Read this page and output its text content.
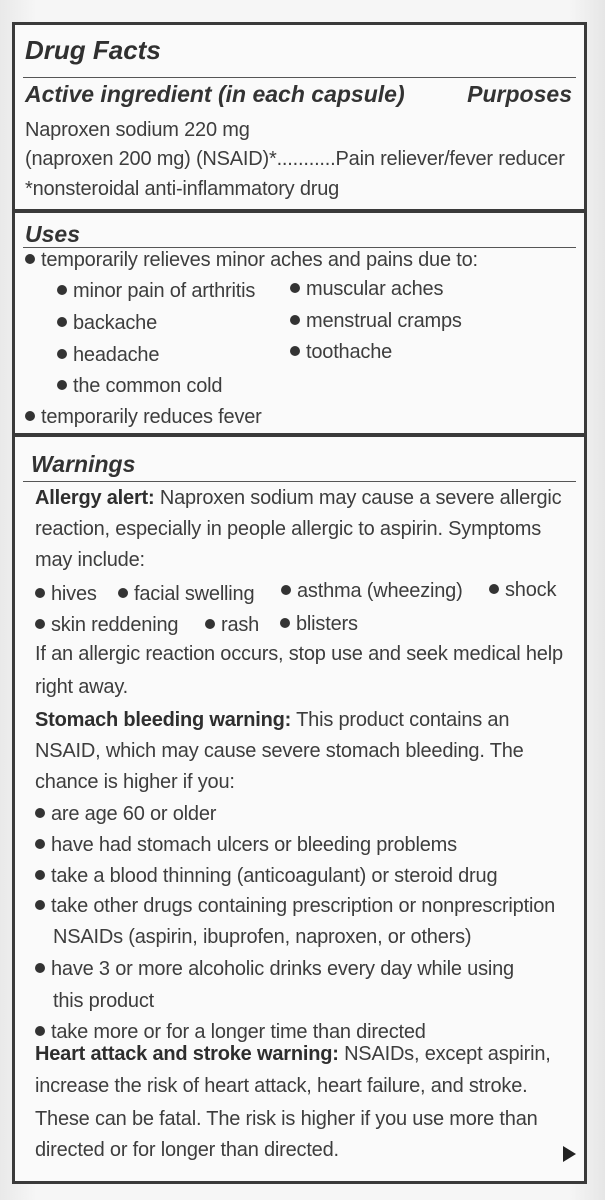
Drug Facts
Active ingredient (in each capsule)	Purposes
Naproxen sodium 220 mg
(naproxen 200 mg) (NSAID)*...........Pain reliever/fever reducer
*nonsteroidal anti-inflammatory drug
Uses
temporarily relieves minor aches and pains due to:
minor pain of arthritis
backache
headache
the common cold
muscular aches
menstrual cramps
toothache
temporarily reduces fever
Warnings
Allergy alert: Naproxen sodium may cause a severe allergic
reaction, especially in people allergic to aspirin. Symptoms
may include:
hives	facial swelling	asthma (wheezing)	shock
skin reddening	rash	blisters
If an allergic reaction occurs, stop use and seek medical help
right away.
Stomach bleeding warning: This product contains an
NSAID, which may cause severe stomach bleeding. The
chance is higher if you:
are age 60 or older
have had stomach ulcers or bleeding problems
take a blood thinning (anticoagulant) or steroid drug
take other drugs containing prescription or nonprescription
NSAIDs (aspirin, ibuprofen, naproxen, or others)
have 3 or more alcoholic drinks every day while using
this product
take more or for a longer time than directed
Heart attack and stroke warning: NSAIDs, except aspirin,
increase the risk of heart attack, heart failure, and stroke.
These can be fatal. The risk is higher if you use more than
directed or for longer than directed.
